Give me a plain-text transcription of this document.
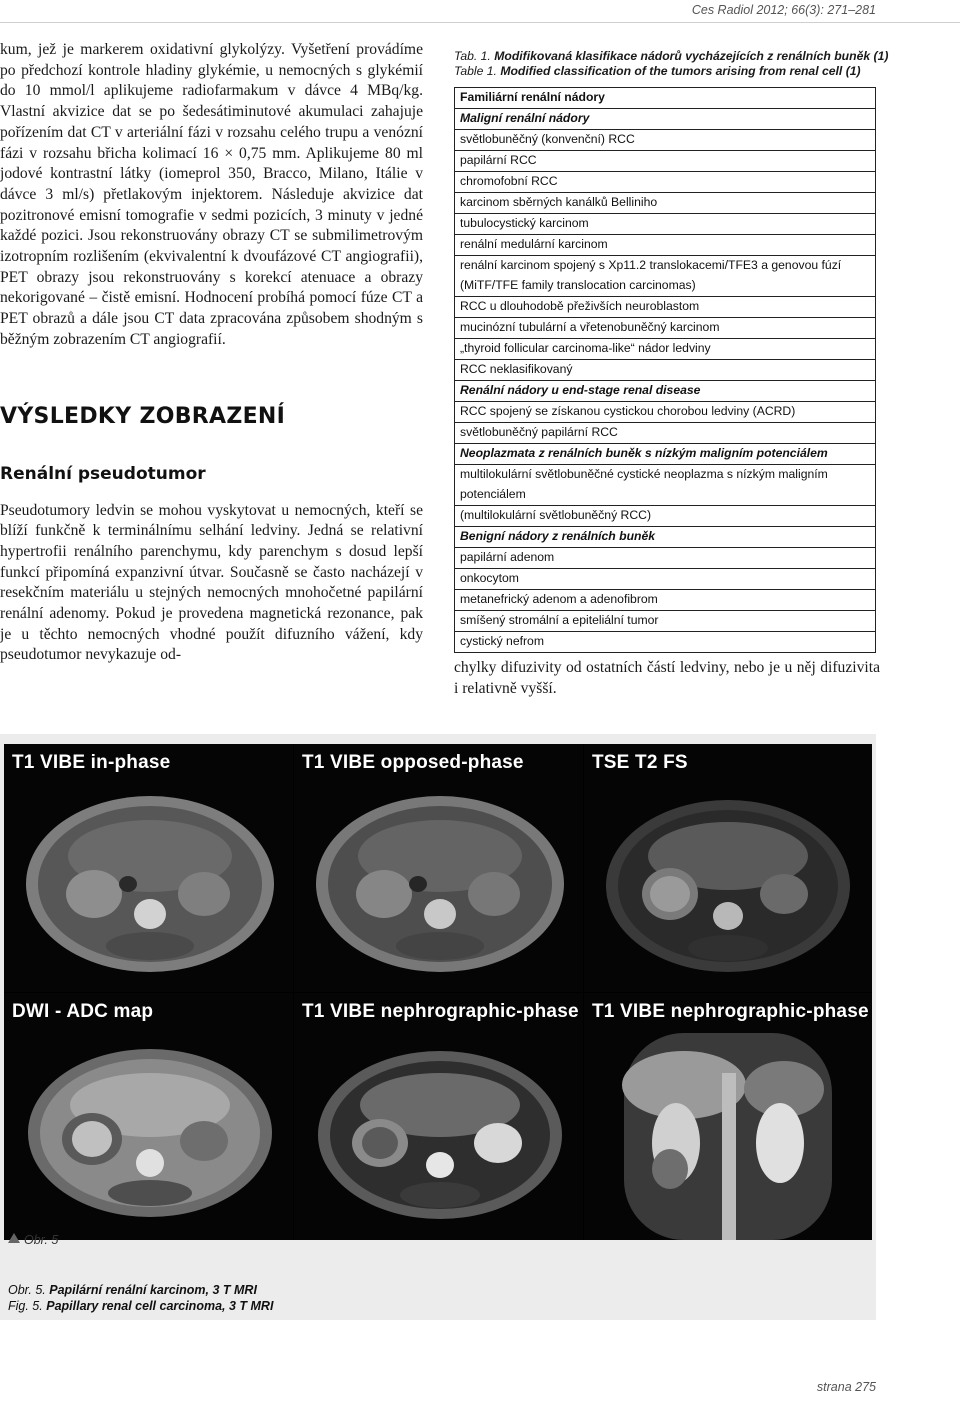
Ces Radiol 2012; 66(3): 271–281

kum, jež je markerem oxidativní glykolýzy. Vyšetření provádíme po předchozí kontrole hladiny glykémie, u nemocných s glykémií do 10 mmol/l aplikujeme radiofarmakum v dávce 4 MBq/kg. Vlastní akvizice dat se po šedesátiminutové akumulaci zahajuje pořízením dat CT v arteriální fázi v rozsahu celého trupu a venózní fázi v rozsahu břicha kolimací 16 × 0,75 mm. Aplikujeme 80 ml jodové kontrastní látky (iomeprol 350, Bracco, Milano, Itálie v dávce 3 ml/s) přetlakovým injektorem. Následuje akvizice dat pozitronové emisní tomografie v sedmi pozicích, 3 minuty v jedné každé pozici. Jsou rekonstruovány obrazy CT se submilimetrovým izotropním rozlišením (ekvivalentní k dvoufázové CT angiografii), PET obrazy jsou rekonstruovány s korekcí atenuace a obrazy nekorigované – čistě emisní. Hodnocení probíhá pomocí fúze CT a PET obrazů a dále jsou CT data zpracována způsobem shodným s běžným zobrazením CT angiografií.

VÝSLEDKY ZOBRAZENÍ
Renální pseudotumor

Pseudotumory ledvin se mohou vyskytovat u nemocných, kteří se blíží funkčně k terminálnímu selhání ledviny. Jedná se relativní hypertrofii renálního parenchymu, kdy parenchym s dosud lepší funkcí připomíná expanzivní útvar. Současně se často nacházejí v resekčním materiálu u stejných nemocných mnohočetné papilární renální adenomy. Pokud je provedena magnetická rezonance, pak je u těchto nemocných vhodné použít difuzního vážení, kdy pseudotumor nevykazuje od-

Tab. 1. Modifikovaná klasifikace nádorů vycházejících z renálních buněk (1)
Table 1. Modified classification of the tumors arising from renal cell (1)
Familiární renální nádory
Maligní renální nádory
světlobuněčný (konvenční) RCC
papilární RCC
chromofobní RCC
karcinom sběrných kanálků Belliniho
tubulocystický karcinom
renální medulární karcinom
renální karcinom spojený s Xp11.2 translokacemi/TFE3 a genovou fúzí
(MiTF/TFE family translocation carcinomas)
RCC u dlouhodobě přeživších neuroblastom
mucinózní tubulární a vřetenobuněčný karcinom
„thyroid follicular carcinoma-like“ nádor ledviny
RCC neklasifikovaný
Renální nádory u end-stage renal disease
RCC spojený se získanou cystickou chorobou ledviny (ACRD)
světlobuněčný papilární RCC
Neoplazmata z renálních buněk s nízkým maligním potenciálem
multilokulární světlobuněčné cystické neoplazma s nízkým maligním
potenciálem
(multilokulární světlobuněčný RCC)
Benigní nádory z renálních buněk
papilární adenom
onkocytom
metanefrický adenom a adenofibrom
smíšený stromální a epiteliální tumor
cystický nefrom

chylky difuzivity od ostatních částí ledviny, nebo je u něj difuzivita i relativně vyšší.

T1 VIBE in-phase	T1 VIBE opposed-phase	TSE T2 FS
DWI - ADC map	T1 VIBE nephrographic-phase T1 VIBE nephrographic-phase
Obr. 5
Obr. 5. Papilární renální karcinom, 3 T MRI
Fig. 5. Papillary renal cell carcinoma, 3 T MRI
strana 275
